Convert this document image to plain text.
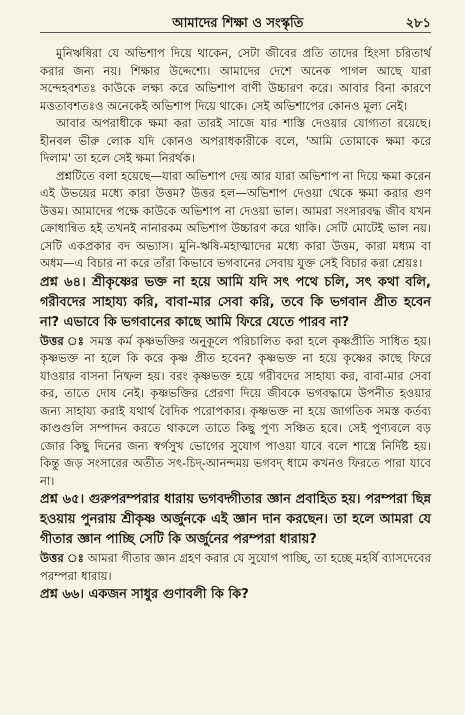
আমাদের শিক্ষা ও সংস্কৃতি	২৮১

মুনিঋষিরা যে অভিশাপ দিয়ে থাকেন, সেটা জীবের প্রতি তাদের হিংসা চরিতার্থ করার জন্য নয়। শিক্ষার উদ্দেশ্যে। আমাদের দেশে অনেক পাগল আছে যারা সন্দেহবশতঃ কাউকে লক্ষ্য করে অভিশাপ বাণী উচ্চারণ করে। আবার বিনা কারণে মত্ততাবশতঃও অনেকেই অভিশাপ দিয়ে থাকে। সেই অভিশাপের কোনও মূল্য নেই।

আবার অপরাধীকে ক্ষমা করা তারই সাজে যার শাস্তি দেওয়ার যোগ্যতা রয়েছে। হীনবল ভীরু লোক যদি কোনও অপরাধকারীকে বলে, 'আমি তোমাকে ক্ষমা করে দিলাম' তা হলে সেই ক্ষমা নিরর্থক।

প্রশ্নটিতে বলা হয়েছে—যারা অভিশাপ দেয় আর যারা অভিশাপ না দিয়ে ক্ষমা করেন এই উভয়ের মধ্যে কারা উত্তম? উত্তর হল—অভিশাপ দেওয়া থেকে ক্ষমা করার গুণ উত্তম। আমাদের পক্ষে কাউকে অভিশাপ না দেওয়া ভাল। আমরা সংসারবদ্ধ জীব যখন ক্রোধান্বিত হই তখনই নানারকম অভিশাপ উচ্চারণ করে থাকি। সেটি মোটেই ভাল নয়। সেটি একপ্রকার বদ অভ্যাস। মুনি-ঋষি-মহাত্মাদের মধ্যে কারা উত্তম, কারা মধ্যম বা অধম—এ বিচার না করে তাঁরা কিভাবে ভগবানের সেবায় যুক্ত সেই বিচার করা শ্রেয়ঃ।

প্রশ্ন ৬৪। শ্রীকৃষ্ণের ভক্ত না হয়ে আমি যদি সৎ পথে চলি, সৎ কথা বলি, গরীবদের সাহায্য করি, বাবা-মার সেবা করি, তবে কি ভগবান প্রীত হবেন না? এভাবে কি ভগবানের কাছে আমি ফিরে যেতে পারব না?

উত্তর ঃ সমস্ত কর্ম কৃষ্ণভক্তির অনুকূলে পরিচালিত করা হলে কৃষ্ণপ্রীতি সাধিত হয়। কৃষ্ণভক্ত না হলে কি করে কৃষ্ণ প্রীত হবেন? কৃষ্ণভক্ত না হয়ে কৃষ্ণের কাছে ফিরে যাওয়ার বাসনা নিষ্ফল হয়। বরং কৃষ্ণভক্ত হয়ে গরীবদের সাহায্য কর, বাবা-মার সেবা কর, তাতে দোষ নেই। কৃষ্ণভক্তির প্রেরণা দিয়ে জীবকে ভগবদ্ধামে উপনীত হওয়ার জন্য সাহায্য করাই যথার্থ বৈদিক পরোপকার। কৃষ্ণভক্ত না হয়ে জাগতিক সমস্ত কর্তব্য কাণ্ডগুলি সম্পাদন করতে থাকলে তাতে কিছু পুণ্য সঞ্চিত হবে। সেই পুণ্যবলে বড় জোর কিছু দিনের জন্য স্বর্গসুখ ভোগের সুযোগ পাওয়া যাবে বলে শাস্ত্রে নির্দিষ্ট হয়। কিন্তু জড় সংসারের অতীত সৎ-চিদ্-আনন্দময় ভগবদ্ ধামে কখনও ফিরতে পারা যাবে না।

প্রশ্ন ৬৫। গুরুপরম্পরার ধারায় ভগবদ্গীতার জ্ঞান প্রবাহিত হয়। পরম্পরা ছিন্ন হওয়ায় পুনরায় শ্রীকৃষ্ণ অর্জুনকে এই জ্ঞান দান করছেন। তা হলে আমরা যে গীতার জ্ঞান পাচ্ছি সেটি কি অর্জুনের পরম্পরা ধারায়?

উত্তর ঃ আমরা গীতার জ্ঞান গ্রহণ করার যে সুযোগ পাচ্ছি, তা হচ্ছে মহর্ষি ব্যাসদেবের পরম্পরা ধারায়।

প্রশ্ন ৬৬। একজন সাধুর গুণাবলী কি কি?
